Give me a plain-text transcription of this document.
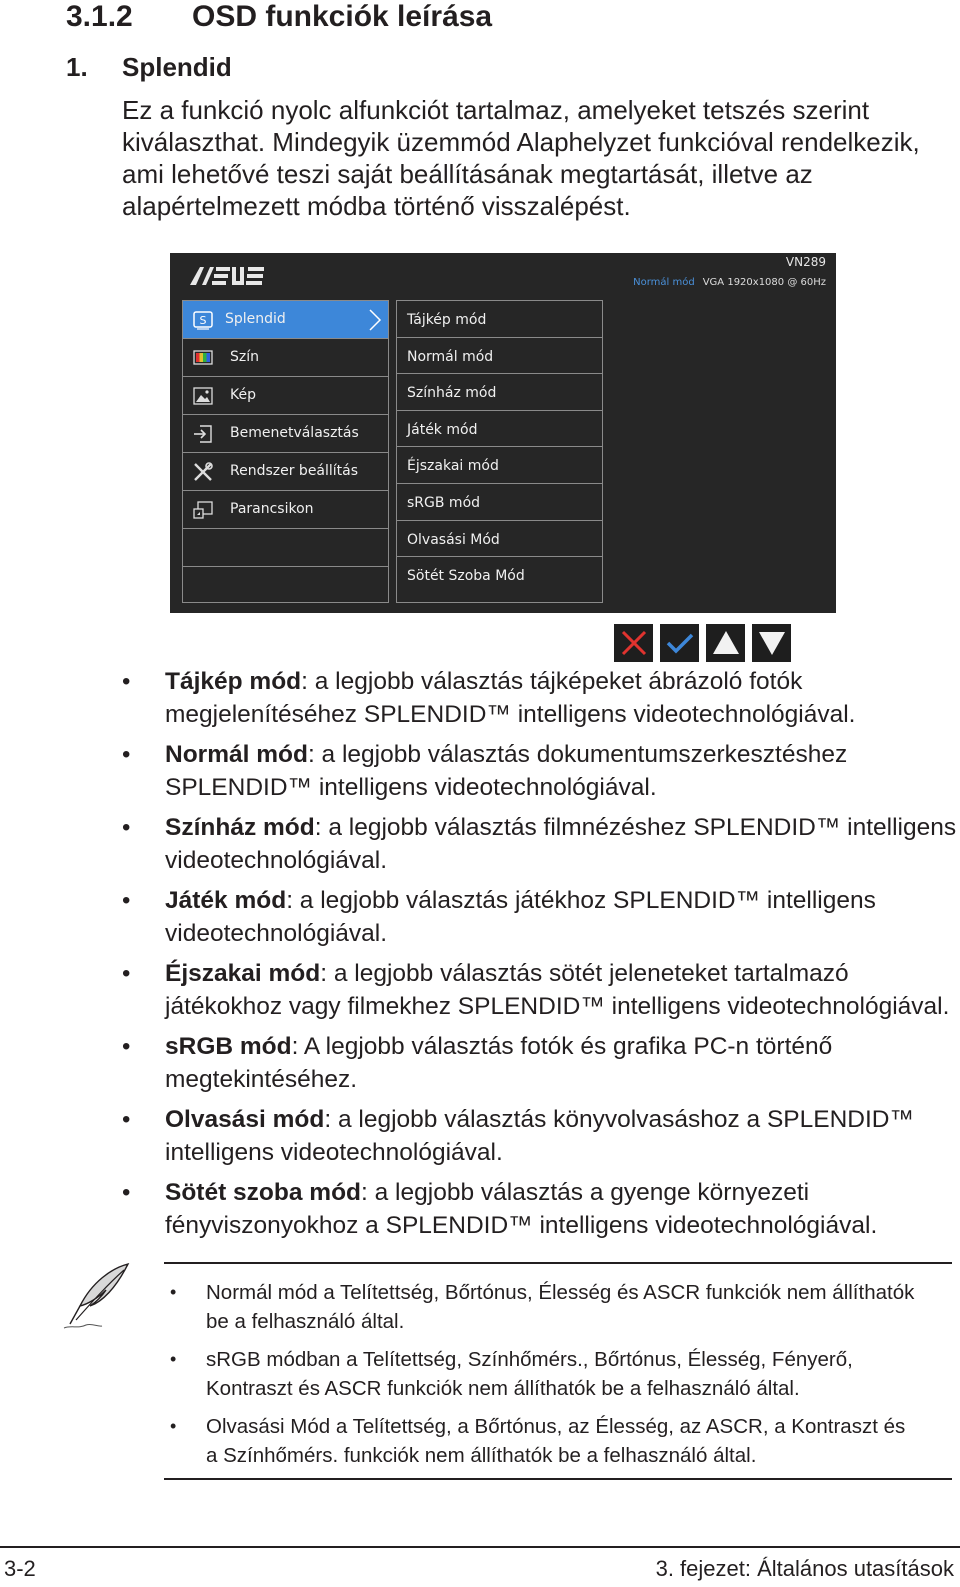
3.1.2 OSD funkciók leírása
1. Splendid

Ez a funkció nyolc alfunkciót tartalmaz, amelyeket tetszés szerint
kiválaszthat. Mindegyik üzemmód Alaphelyzet funkcióval rendelkezik,
ami lehetővé teszi saját beállításának megtartását, illetve az
alapértelmezett módba történő visszalépést.

VN289
Normál mód VGA 1920x1080 @ 60Hz
S Splendid
Szín
Kép
Bemenetválasztás
Rendszer beállítás
Parancsikon
Tájkép mód
Normál mód
Színház mód
Játék mód
Éjszakai mód
sRGB mód
Olvasási Mód
Sötét Szoba Mód
• Tájkép mód: a legjobb választás tájképeket ábrázoló fotók
megjelenítéséhez SPLENDID™ intelligens videotechnológiával.
• Normál mód: a legjobb választás dokumentumszerkesztéshez
SPLENDID™ intelligens videotechnológiával.
• Színház mód: a legjobb választás filmnézéshez SPLENDID™ intelligens
videotechnológiával.
• Játék mód: a legjobb választás játékhoz SPLENDID™ intelligens
videotechnológiával.
• Éjszakai mód: a legjobb választás sötét jeleneteket tartalmazó
játékokhoz vagy filmekhez SPLENDID™ intelligens videotechnológiával.
• sRGB mód: A legjobb választás fotók és grafika PC-n történő
megtekintéséhez.
• Olvasási mód: a legjobb választás könyvolvasáshoz a SPLENDID™
intelligens videotechnológiával.
• Sötét szoba mód: a legjobb választás a gyenge környezeti
fényviszonyokhoz a SPLENDID™ intelligens videotechnológiával.
• Normál mód a Telítettség, Bőrtónus, Élesség és ASCR funkciók nem állíthatók
be a felhasználó által.
• sRGB módban a Telítettség, Színhőmérs., Bőrtónus, Élesség, Fényerő,
Kontraszt és ASCR funkciók nem állíthatók be a felhasználó által.
• Olvasási Mód a Telítettség, a Bőrtónus, az Élesség, az ASCR, a Kontraszt és
a Színhőmérs. funkciók nem állíthatók be a felhasználó által.
3-2	3. fejezet: Általános utasítások
